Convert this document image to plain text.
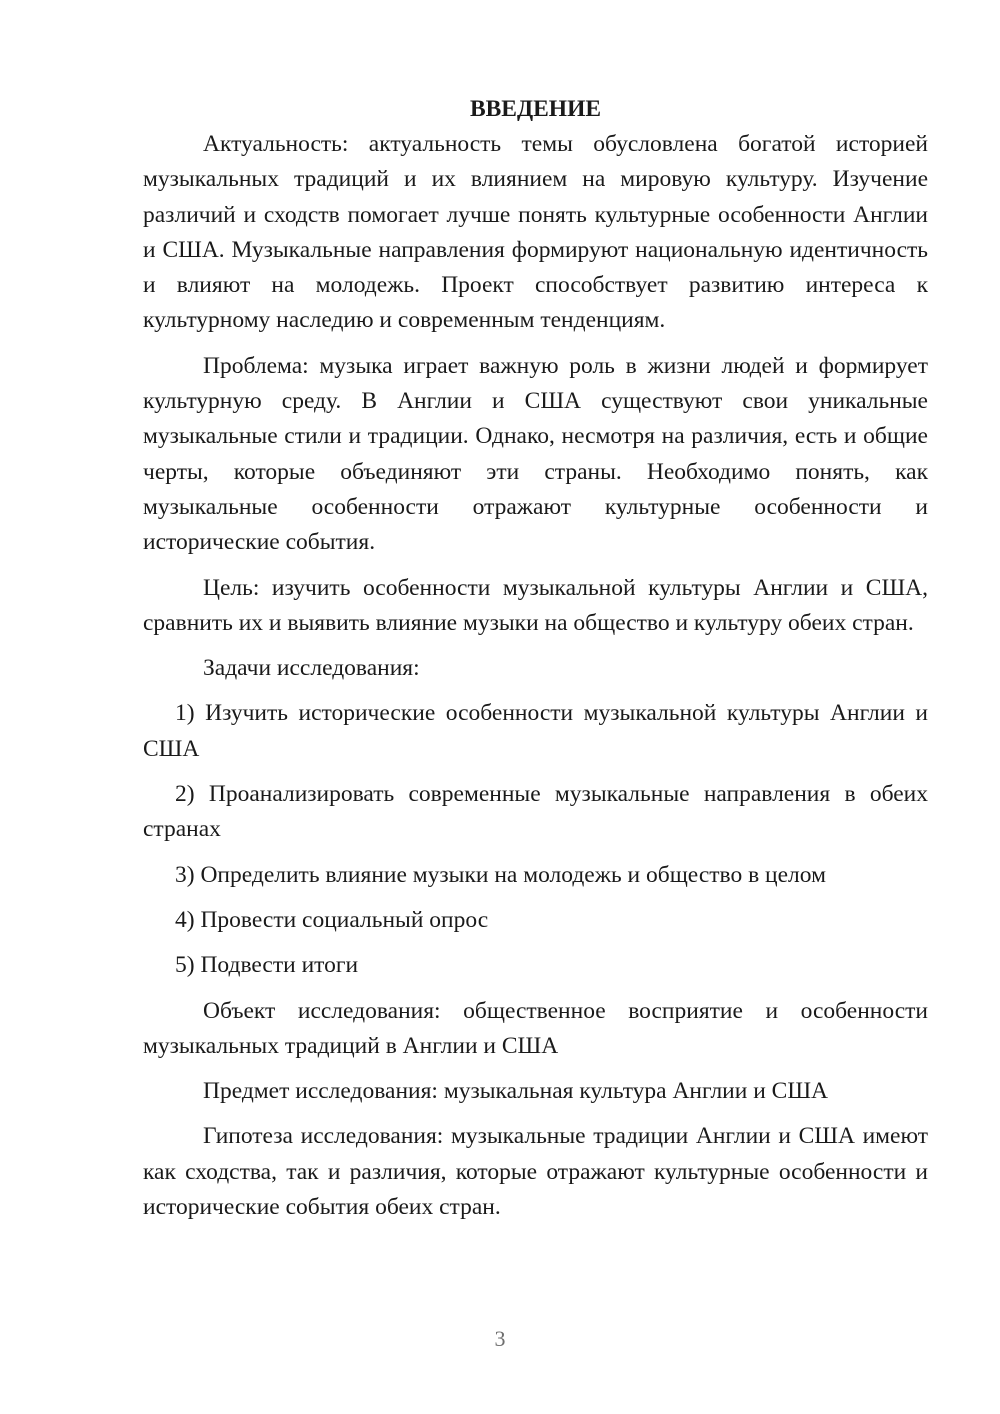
ВВЕДЕНИЕ

Актуальность: актуальность темы обусловлена богатой историей музыкальных традиций и их влиянием на мировую культуру. Изучение различий и сходств помогает лучше понять культурные особенности Англии и США. Музыкальные направления формируют национальную идентичность и влияют на молодежь. Проект способствует развитию интереса к культурному наследию и современным тенденциям.

Проблема: музыка играет важную роль в жизни людей и формирует культурную среду. В Англии и США существуют свои уникальные музыкальные стили и традиции. Однако, несмотря на различия, есть и общие черты, которые объединяют эти страны. Необходимо понять, как музыкальные особенности отражают культурные особенности и исторические события.

Цель: изучить особенности музыкальной культуры Англии и США, сравнить их и выявить влияние музыки на общество и культуру обеих стран.

Задачи исследования:

1) Изучить исторические особенности музыкальной культуры Англии и США

2) Проанализировать современные музыкальные направления в обеих странах

3) Определить влияние музыки на молодежь и общество в целом

4) Провести социальный опрос

5) Подвести итоги

Объект исследования: общественное восприятие и особенности музыкальных традиций в Англии и США

Предмет исследования: музыкальная культура Англии и США

Гипотеза исследования: музыкальные традиции Англии и США имеют как сходства, так и различия, которые отражают культурные особенности и исторические события обеих стран.

3
